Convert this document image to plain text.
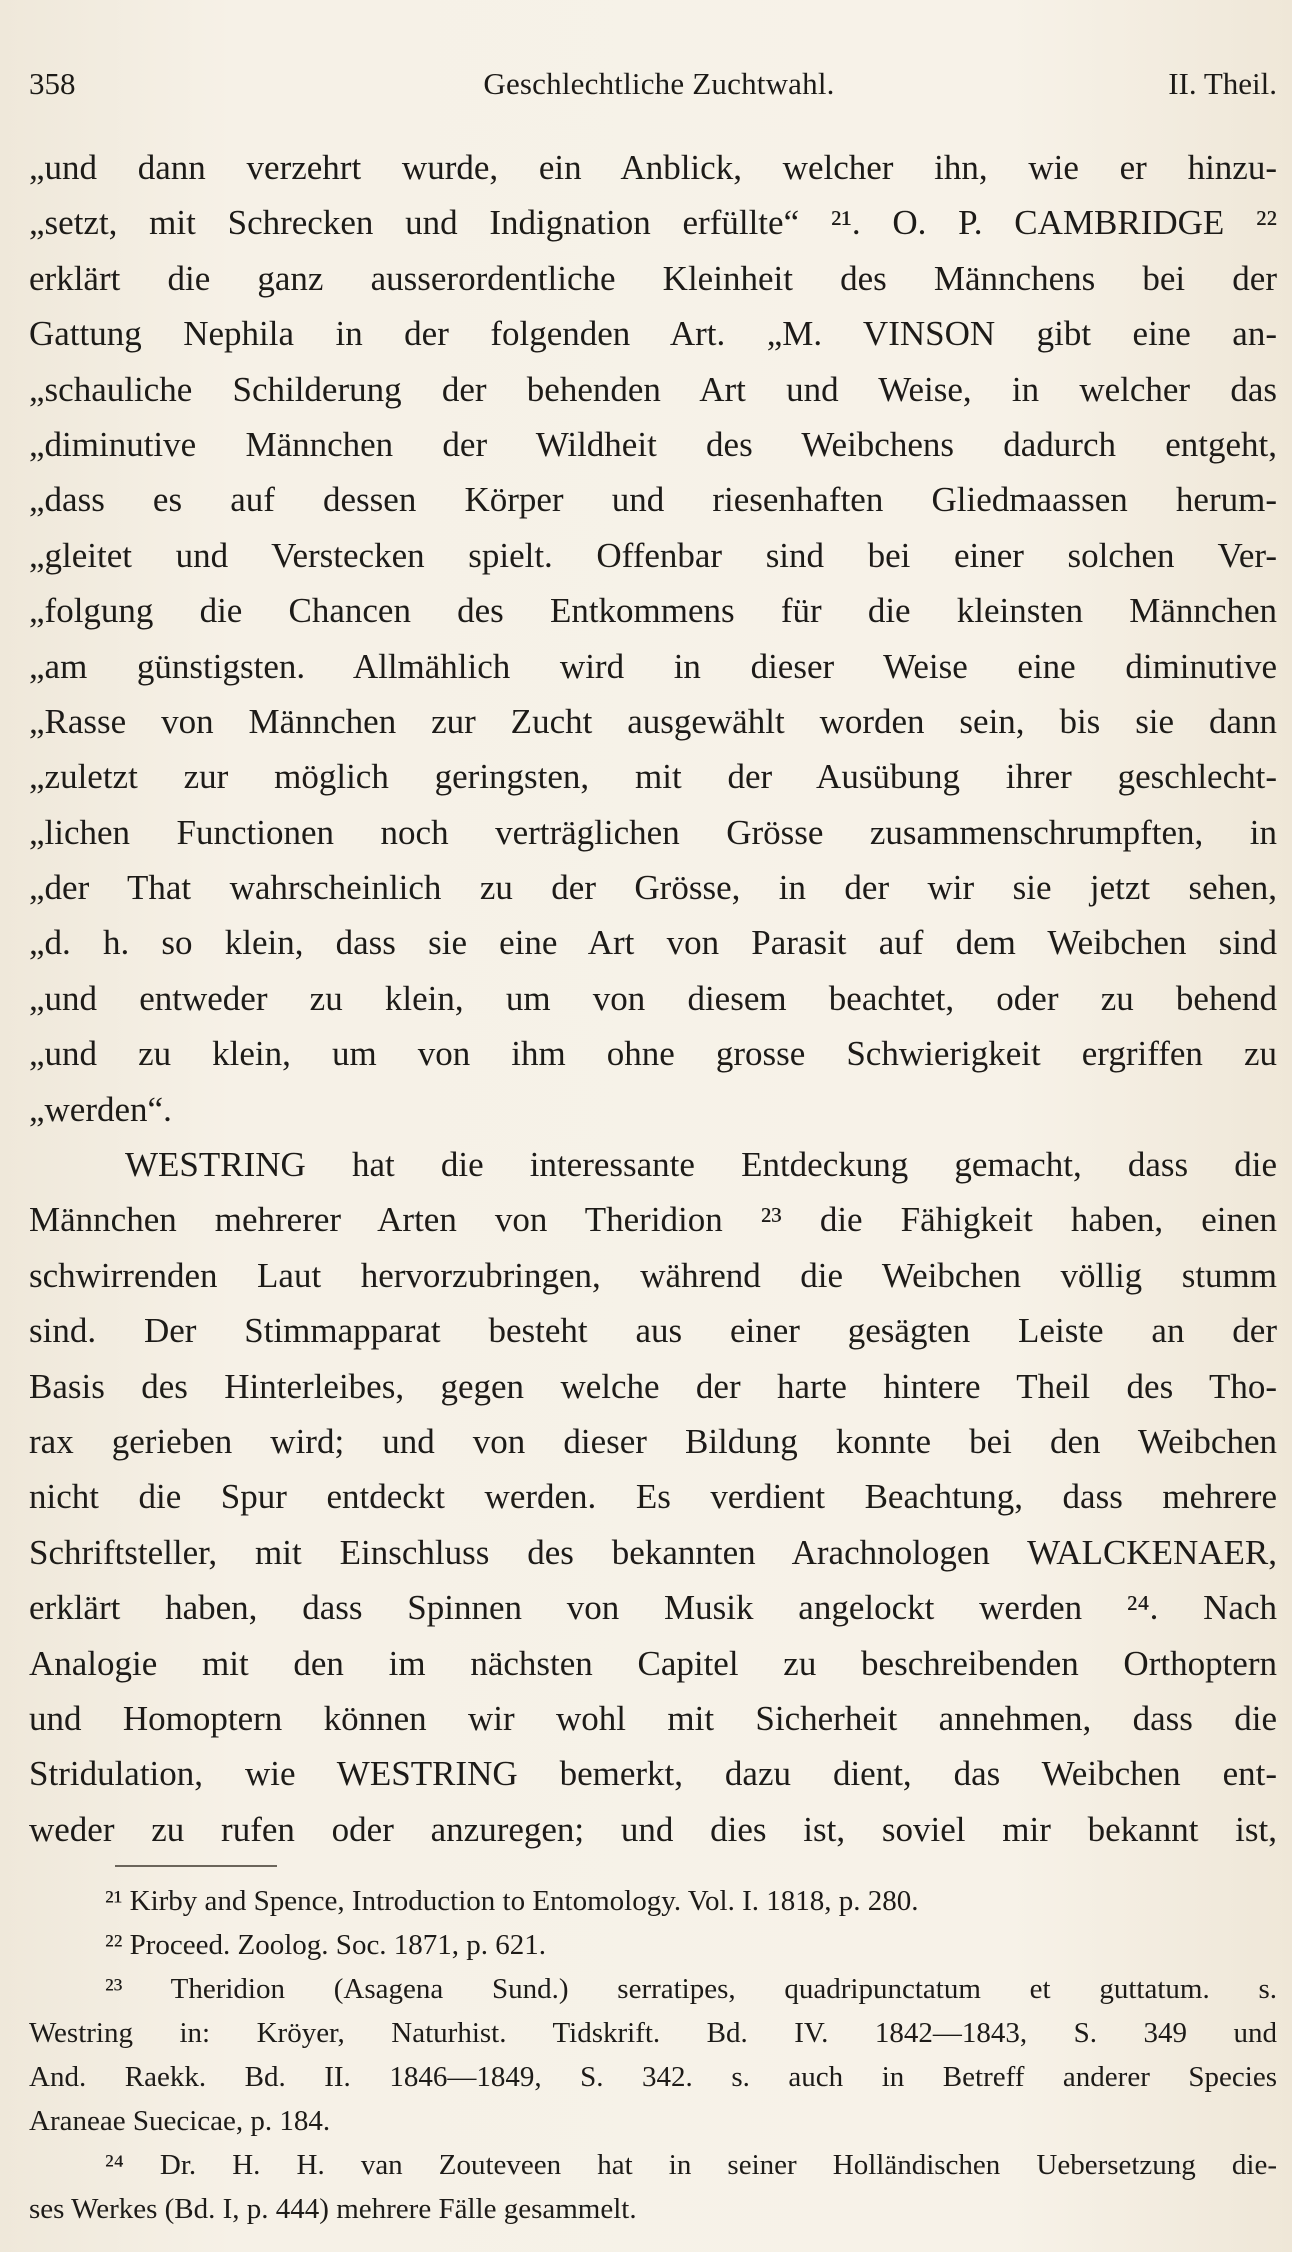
358	Geschlechtliche Zuchtwahl.	II. Theil.
„und dann verzehrt wurde, ein Anblick, welcher ihn, wie er hinzu-
„setzt, mit Schrecken und Indignation erfüllte“ ²¹. O. P. CAMBRIDGE ²²
erklärt die ganz ausserordentliche Kleinheit des Männchens bei der
Gattung Nephila in der folgenden Art. „M. VINSON gibt eine an-
„schauliche Schilderung der behenden Art und Weise, in welcher das
„diminutive Männchen der Wildheit des Weibchens dadurch entgeht,
„dass es auf dessen Körper und riesenhaften Gliedmaassen herum-
„gleitet und Verstecken spielt. Offenbar sind bei einer solchen Ver-
„folgung die Chancen des Entkommens für die kleinsten Männchen
„am günstigsten. Allmählich wird in dieser Weise eine diminutive
„Rasse von Männchen zur Zucht ausgewählt worden sein, bis sie dann
„zuletzt zur möglich geringsten, mit der Ausübung ihrer geschlecht-
„lichen Functionen noch verträglichen Grösse zusammenschrumpften, in
„der That wahrscheinlich zu der Grösse, in der wir sie jetzt sehen,
„d. h. so klein, dass sie eine Art von Parasit auf dem Weibchen sind
„und entweder zu klein, um von diesem beachtet, oder zu behend
„und zu klein, um von ihm ohne grosse Schwierigkeit ergriffen zu
„werden“.
WESTRING hat die interessante Entdeckung gemacht, dass die
Männchen mehrerer Arten von Theridion ²³ die Fähigkeit haben, einen
schwirrenden Laut hervorzubringen, während die Weibchen völlig stumm
sind. Der Stimmapparat besteht aus einer gesägten Leiste an der
Basis des Hinterleibes, gegen welche der harte hintere Theil des Tho-
rax gerieben wird; und von dieser Bildung konnte bei den Weibchen
nicht die Spur entdeckt werden. Es verdient Beachtung, dass mehrere
Schriftsteller, mit Einschluss des bekannten Arachnologen WALCKENAER,
erklärt haben, dass Spinnen von Musik angelockt werden ²⁴. Nach
Analogie mit den im nächsten Capitel zu beschreibenden Orthoptern
und Homoptern können wir wohl mit Sicherheit annehmen, dass die
Stridulation, wie WESTRING bemerkt, dazu dient, das Weibchen ent-
weder zu rufen oder anzuregen; und dies ist, soviel mir bekannt ist,
²¹ Kirby and Spence, Introduction to Entomology. Vol. I. 1818, p. 280.
²² Proceed. Zoolog. Soc. 1871, p. 621.
²³ Theridion (Asagena Sund.) serratipes, quadripunctatum et guttatum. s.
Westring in: Kröyer, Naturhist. Tidskrift. Bd. IV. 1842—1843, S. 349 und
And. Raekk. Bd. II. 1846—1849, S. 342. s. auch in Betreff anderer Species
Araneae Suecicae, p. 184.
²⁴ Dr. H. H. van Zouteveen hat in seiner Holländischen Uebersetzung die-
ses Werkes (Bd. I, p. 444) mehrere Fälle gesammelt.
